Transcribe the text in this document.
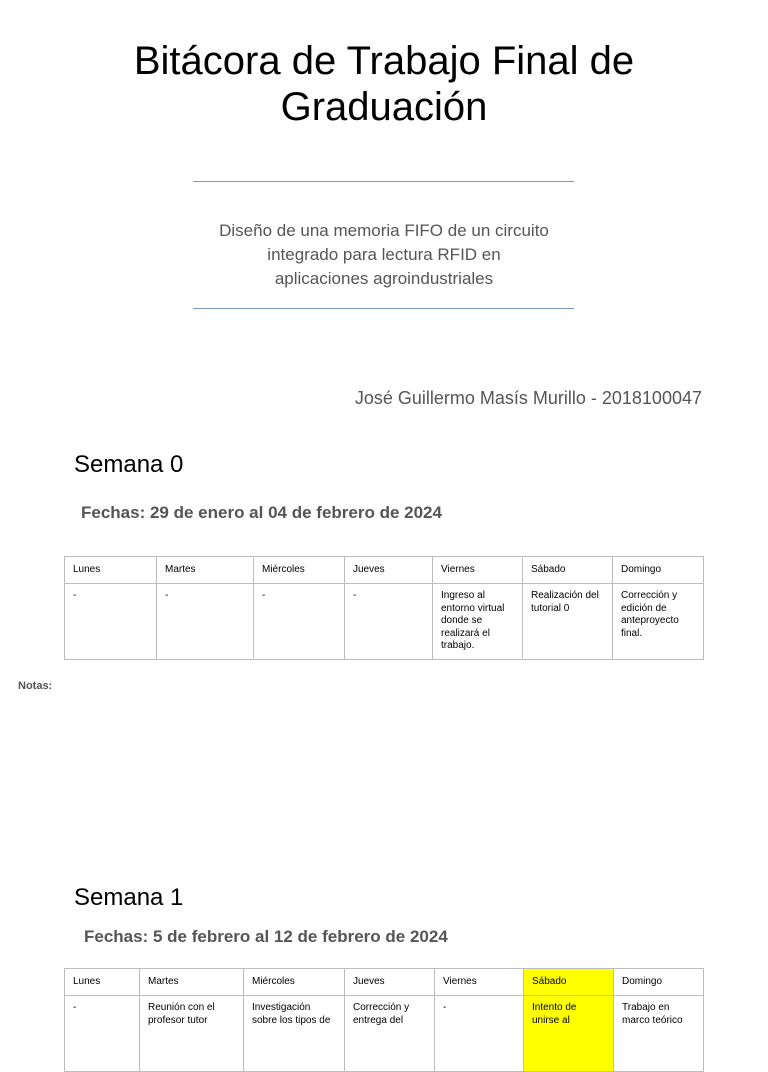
Bitácora de Trabajo Final de
Graduación
Diseño de una memoria FIFO de un circuito
integrado para lectura RFID en
aplicaciones agroindustriales
José Guillermo Masís Murillo - 2018100047
Semana 0
Fechas: 29 de enero al 04 de febrero de 2024
Lunes	Martes	Miércoles	Jueves	Viernes	Sábado	Domingo
-	-	-	-	Ingreso al entorno virtual donde se realizará el trabajo.	Realización del tutorial 0	Corrección y edición de anteproyecto final.
Notas:
Semana 1
Fechas: 5 de febrero al 12 de febrero de 2024
Lunes	Martes	Miércoles	Jueves	Viernes	Sábado	Domingo
-	Reunión con el profesor tutor	Investigación sobre los tipos de	Corrección y entrega del	-	Intento de unirse al	Trabajo en marco teórico
